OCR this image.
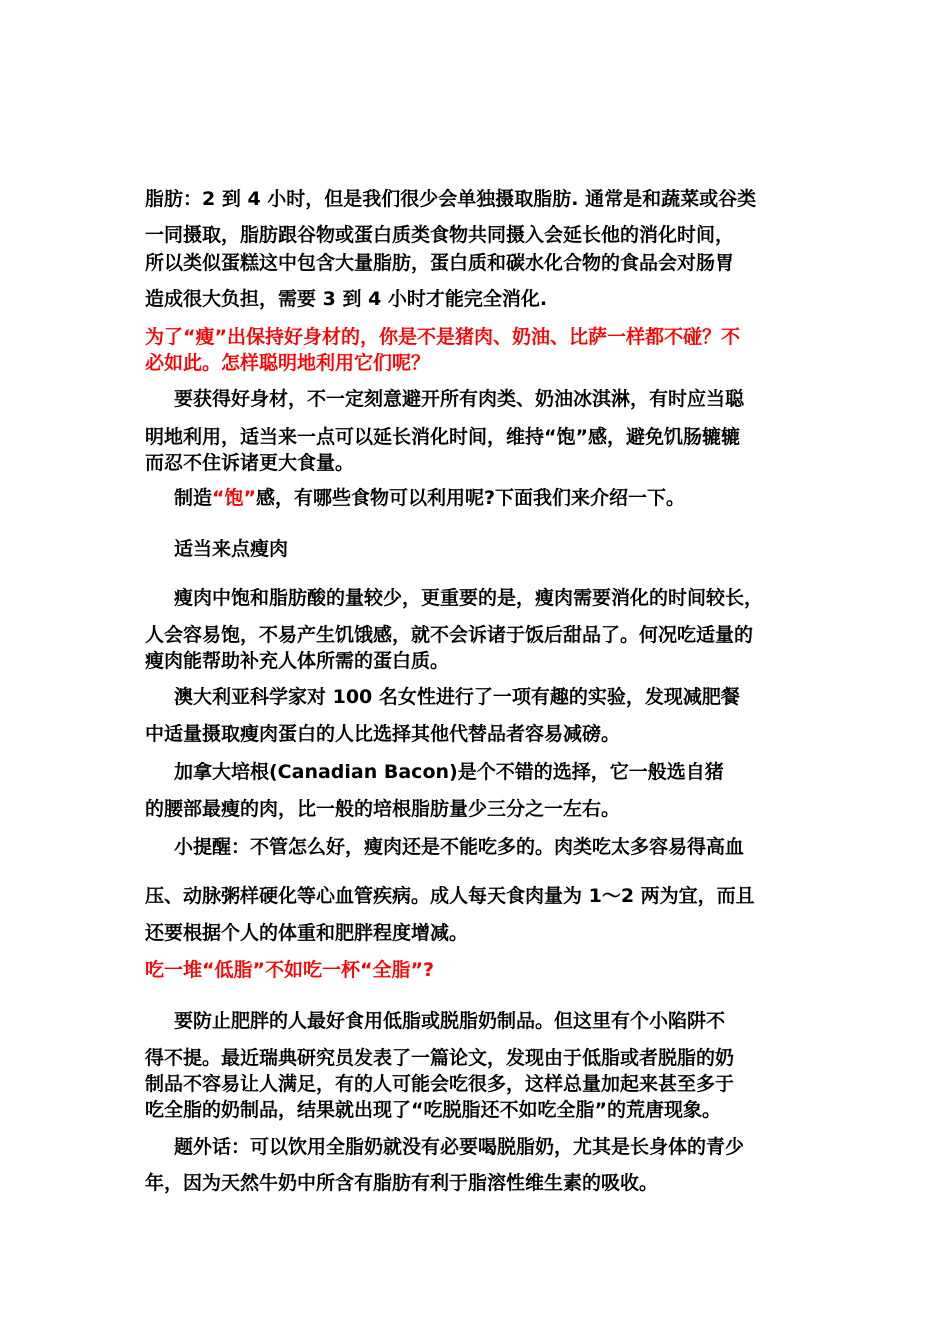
脂肪：2 到 4 小时，但是我们很少会单独摄取脂肪. 通常是和蔬菜或谷类
一同摄取，脂肪跟谷物或蛋白质类食物共同摄入会延长他的消化时间，
所以类似蛋糕这中包含大量脂肪，蛋白质和碳水化合物的食品会对肠胃
造成很大负担，需要 3 到 4 小时才能完全消化.
为了“瘦”出保持好身材的，你是不是猪肉、奶油、比萨一样都不碰？不
必如此。怎样聪明地利用它们呢？
要获得好身材，不一定刻意避开所有肉类、奶油冰淇淋，有时应当聪
明地利用，适当来一点可以延长消化时间，维持“饱”感，避免饥肠辘辘
而忍不住诉诸更大食量。
制造“饱”感，有哪些食物可以利用呢?下面我们来介绍一下。
适当来点瘦肉
瘦肉中饱和脂肪酸的量较少，更重要的是，瘦肉需要消化的时间较长，
人会容易饱，不易产生饥饿感，就不会诉诸于饭后甜品了。何况吃适量的
瘦肉能帮助补充人体所需的蛋白质。
澳大利亚科学家对 100 名女性进行了一项有趣的实验，发现减肥餐
中适量摄取瘦肉蛋白的人比选择其他代替品者容易减磅。
加拿大培根(Canadian Bacon)是个不错的选择，它一般选自猪
的腰部最瘦的肉，比一般的培根脂肪量少三分之一左右。
小提醒：不管怎么好，瘦肉还是不能吃多的。肉类吃太多容易得高血
压、动脉粥样硬化等心血管疾病。成人每天食肉量为 1～2 两为宜，而且
还要根据个人的体重和肥胖程度增减。
吃一堆“低脂”不如吃一杯“全脂”?
要防止肥胖的人最好食用低脂或脱脂奶制品。但这里有个小陷阱不
得不提。最近瑞典研究员发表了一篇论文，发现由于低脂或者脱脂的奶
制品不容易让人满足，有的人可能会吃很多，这样总量加起来甚至多于
吃全脂的奶制品，结果就出现了“吃脱脂还不如吃全脂”的荒唐现象。
题外话：可以饮用全脂奶就没有必要喝脱脂奶，尤其是长身体的青少
年，因为天然牛奶中所含有脂肪有利于脂溶性维生素的吸收。
